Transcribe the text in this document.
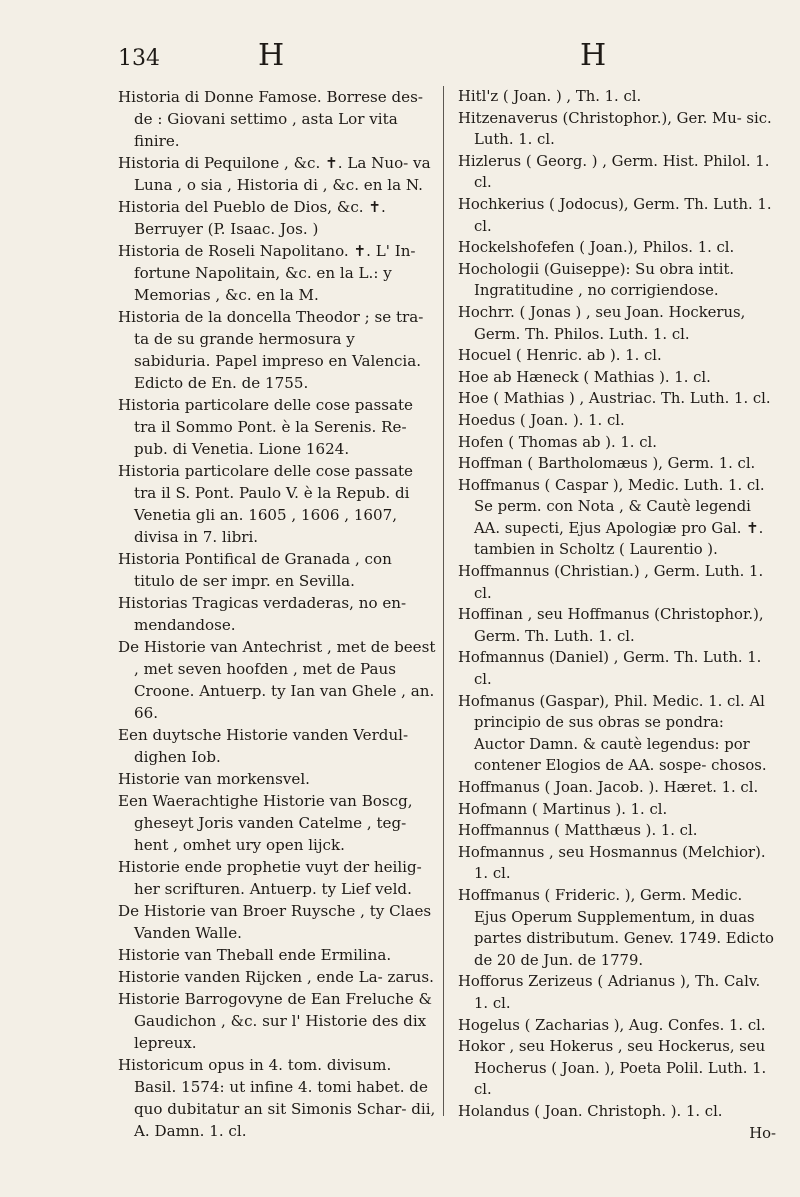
134	H	H

Historia di Donne Famose. Borrese des- de : Giovani settimo , asta Lor vita finire.

Historia di Pequilone , &c. ✝. La Nuo- va Luna , o sia , Historia di , &c. en la N.

Historia del Pueblo de Dios, &c. ✝. Berruyer (P. Isaac. Jos. )

Historia de Roseli Napolitano. ✝. L' In- fortune Napolitain, &c. en la L.: y Memorias , &c. en la M.

Historia de la doncella Theodor ; se tra- ta de su grande hermosura y sabiduria. Papel impreso en Valencia. Edicto de En. de 1755.

Historia particolare delle cose passate tra il Sommo Pont. è la Serenis. Re- pub. di Venetia. Lione 1624.

Historia particolare delle cose passate tra il S. Pont. Paulo V. è la Repub. di Venetia gli an. 1605 , 1606 , 1607, divisa in 7. libri.

Historia Pontifical de Granada , con titulo de ser impr. en Sevilla.

Historias Tragicas verdaderas, no en- mendandose.

De Historie van Antechrist , met de beest , met seven hoofden , met de Paus Croone. Antuerp. ty Ian van Ghele , an. 66.

Een duytsche Historie vanden Verdul- dighen Iob.

Historie van morkensvel.

Een Waerachtighe Historie van Boscg, gheseyt Joris vanden Catelme , teg- hent , omhet ury open lijck.

Historie ende prophetie vuyt der heilig- her scrifturen. Antuerp. ty Lief veld.

De Historie van Broer Ruysche , ty Claes Vanden Walle.

Historie van Theball ende Ermilina.

Historie vanden Rijcken , ende La- zarus.

Historie Barrogovyne de Ean Freluche & Gaudichon , &c. sur l' Historie des dix lepreux.

Historicum opus in 4. tom. divisum. Basil. 1574: ut infine 4. tomi habet. de quo dubitatur an sit Simonis Schar- dii, A. Damn. 1. cl.

Hitl'z ( Joan. ) , Th. 1. cl.

Hitzenaverus (Christophor.), Ger. Mu- sic. Luth. 1. cl.

Hizlerus ( Georg. ) , Germ. Hist. Philol. 1. cl.

Hochkerius ( Jodocus), Germ. Th. Luth. 1. cl.

Hockelshofefen ( Joan.), Philos. 1. cl.

Hochologii (Guiseppe): Su obra intit. Ingratitudine , no corrigiendose.

Hochrr. ( Jonas ) , seu Joan. Hockerus, Germ. Th. Philos. Luth. 1. cl.

Hocuel ( Henric. ab ). 1. cl.

Hoe ab Hæneck ( Mathias ). 1. cl.

Hoe ( Mathias ) , Austriac. Th. Luth. 1. cl.

Hoedus ( Joan. ). 1. cl.

Hofen ( Thomas ab ). 1. cl.

Hoffman ( Bartholomæus ), Germ. 1. cl.

Hoffmanus ( Caspar ), Medic. Luth. 1. cl. Se perm. con Nota , & Cautè legendi AA. supecti, Ejus Apologiæ pro Gal. ✝. tambien in Scholtz ( Laurentio ).

Hoffmannus (Christian.) , Germ. Luth. 1. cl.

Hoffinan , seu Hoffmanus (Christophor.), Germ. Th. Luth. 1. cl.

Hofmannus (Daniel) , Germ. Th. Luth. 1. cl.

Hofmanus (Gaspar), Phil. Medic. 1. cl. Al principio de sus obras se pondra: Auctor Damn. & cautè legendus: por contener Elogios de AA. sospe- chosos.

Hoffmanus ( Joan. Jacob. ). Hæret. 1. cl.

Hofmann ( Martinus ). 1. cl.

Hoffmannus ( Matthæus ). 1. cl.

Hofmannus , seu Hosmannus (Melchior). 1. cl.

Hoffmanus ( Frideric. ), Germ. Medic. Ejus Operum Supplementum, in duas partes distributum. Genev. 1749. Edicto de 20 de Jun. de 1779.

Hofforus Zerizeus ( Adrianus ), Th. Calv. 1. cl.

Hogelus ( Zacharias ), Aug. Confes. 1. cl.

Hokor , seu Hokerus , seu Hockerus, seu Hocherus ( Joan. ), Poeta Polil. Luth. 1. cl.

Holandus ( Joan. Christoph. ). 1. cl.

Ho-
